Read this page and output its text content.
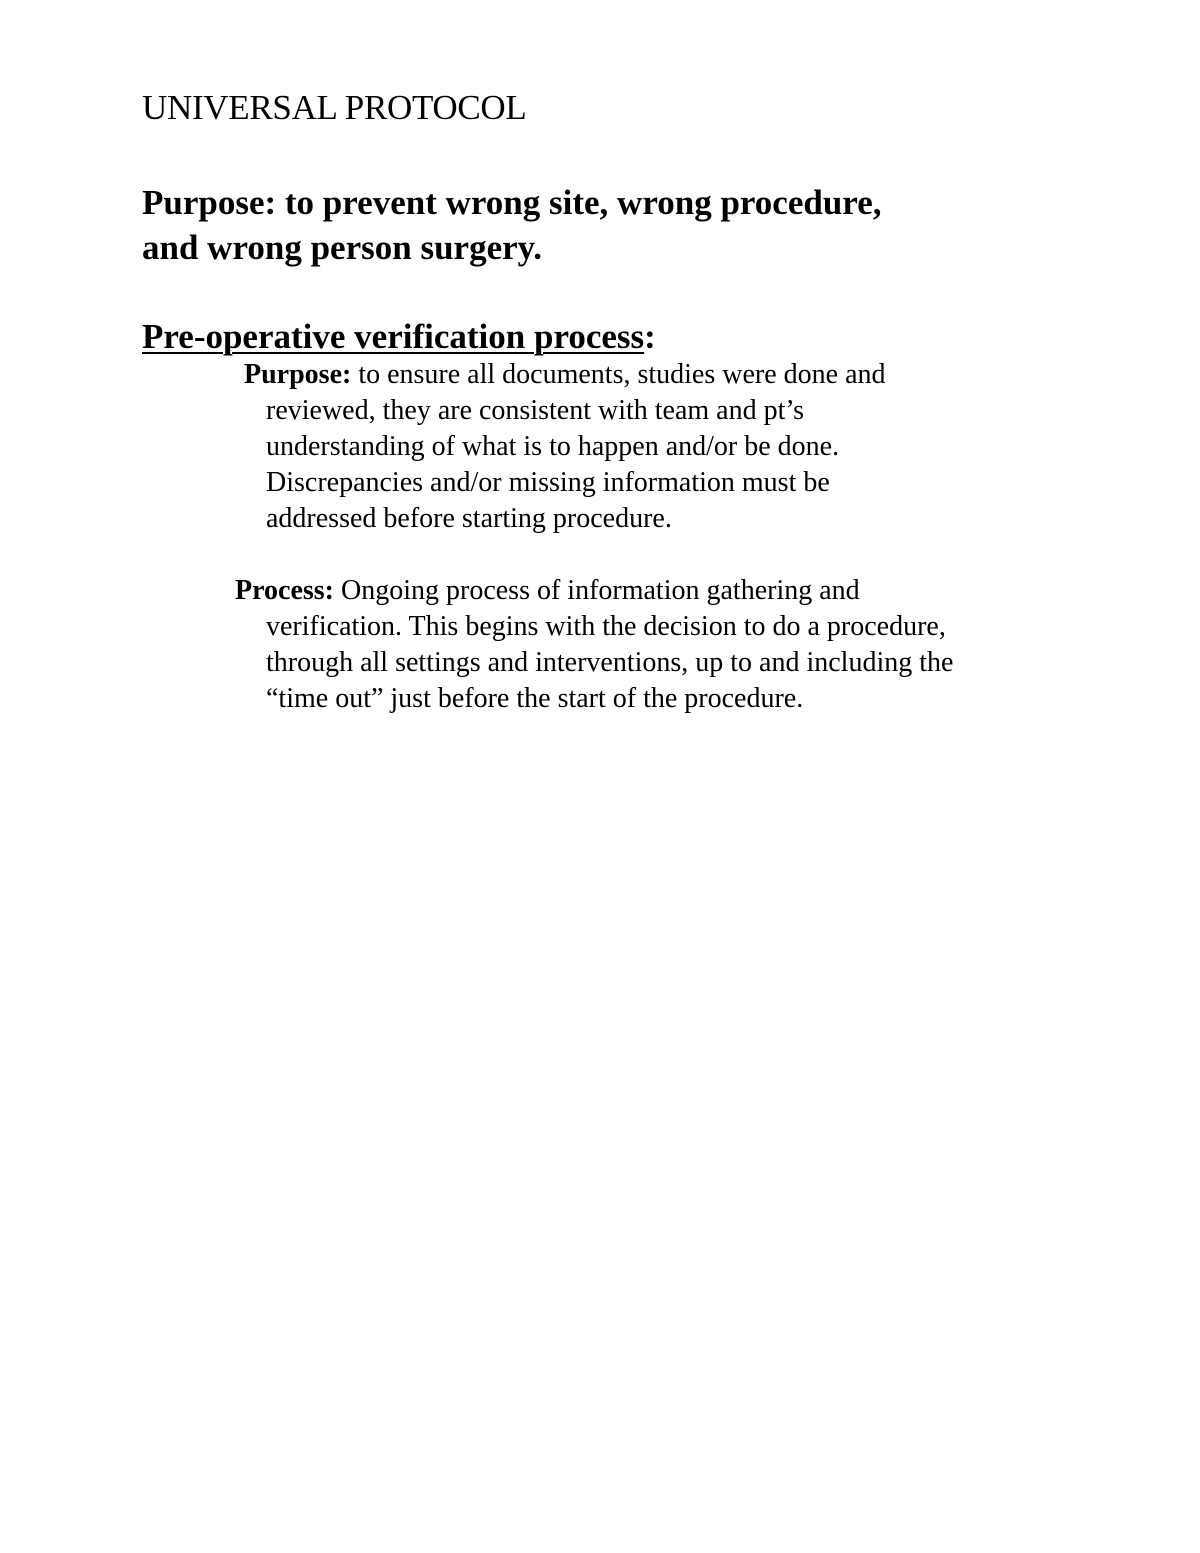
UNIVERSAL PROTOCOL
Purpose: to prevent wrong site, wrong procedure,
and wrong person surgery.
Pre-operative verification process:
Purpose: to ensure all documents, studies were done and
reviewed, they are consistent with team and pt’s
understanding of what is to happen and/or be done.
Discrepancies and/or missing information must be
addressed before starting procedure.
Process: Ongoing process of information gathering and
verification. This begins with the decision to do a procedure,
through all settings and interventions, up to and including the
“time out” just before the start of the procedure.
